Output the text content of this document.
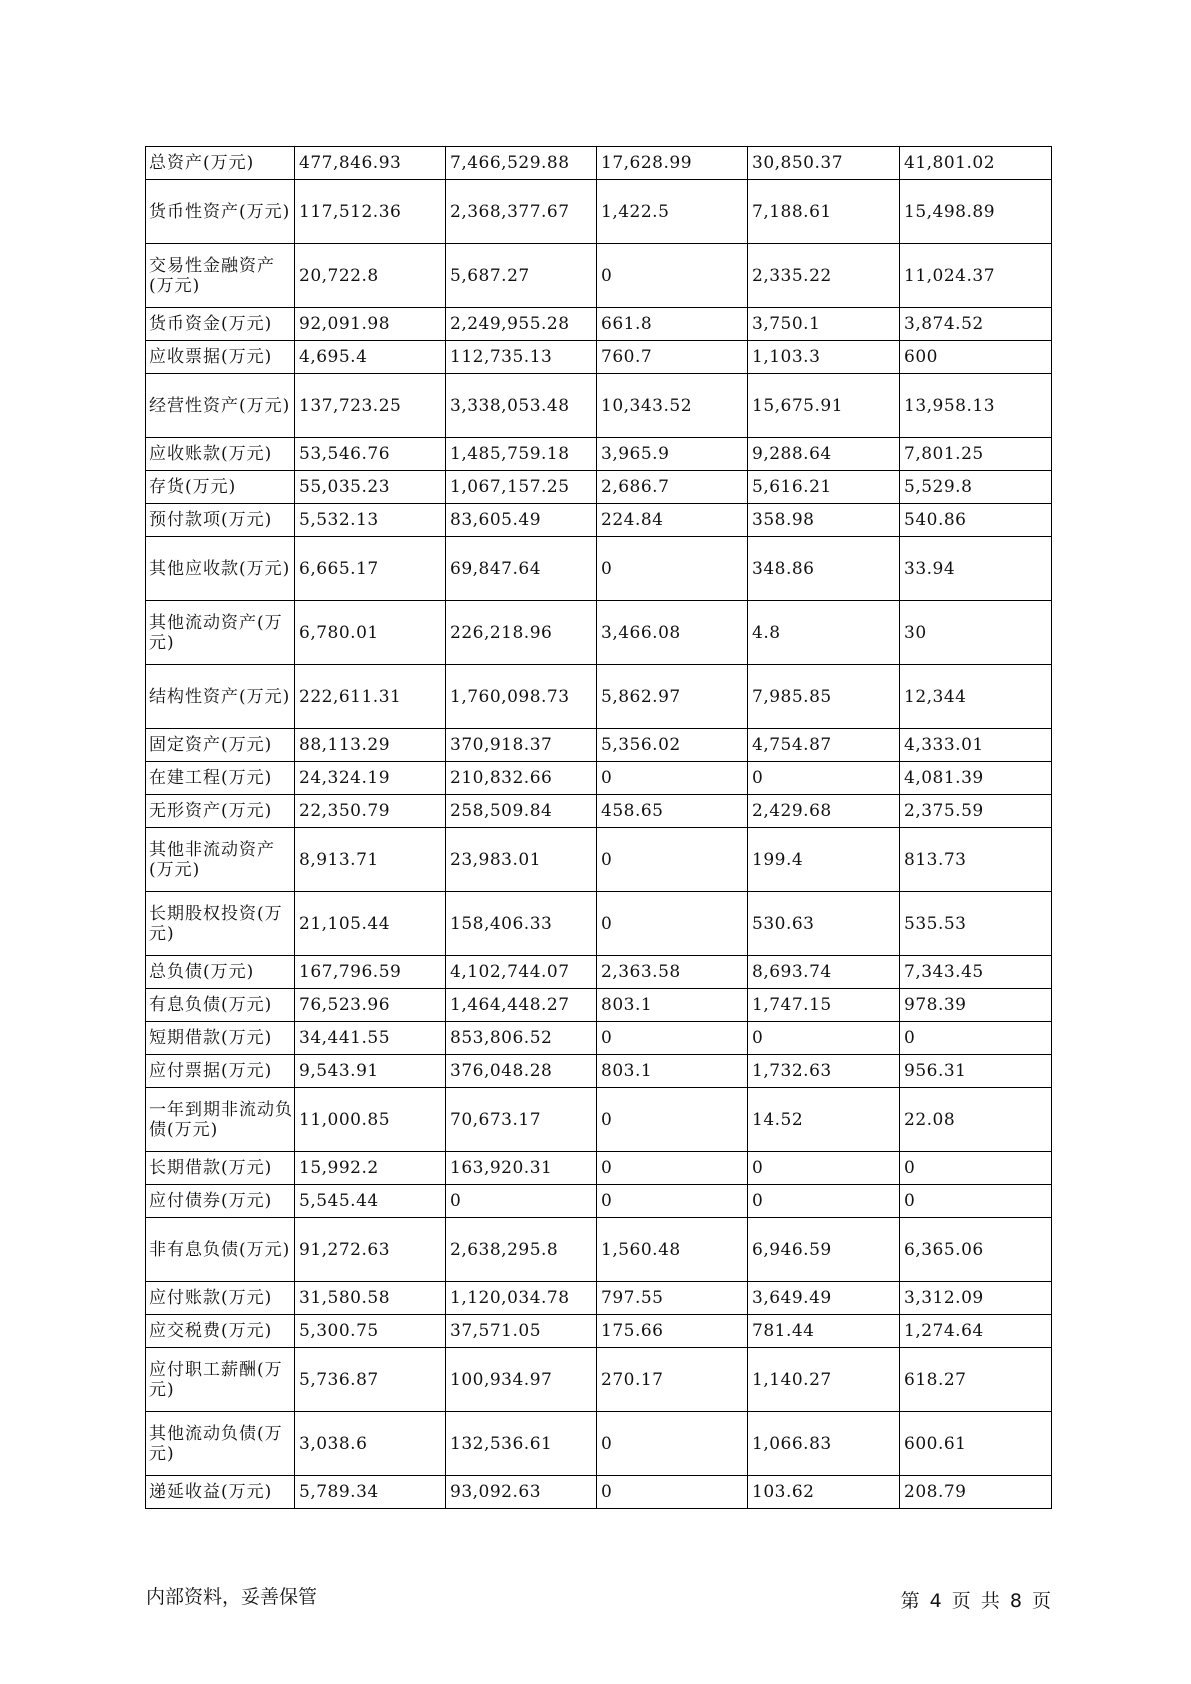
总资产(万元)	477,846.93	7,466,529.88	17,628.99	30,850.37	41,801.02
货币性资产(万元)	117,512.36	2,368,377.67	1,422.5	7,188.61	15,498.89
交易性金融资产(万元)	20,722.8	5,687.27	0	2,335.22	11,024.37
货币资金(万元)	92,091.98	2,249,955.28	661.8	3,750.1	3,874.52
应收票据(万元)	4,695.4	112,735.13	760.7	1,103.3	600
经营性资产(万元)	137,723.25	3,338,053.48	10,343.52	15,675.91	13,958.13
应收账款(万元)	53,546.76	1,485,759.18	3,965.9	9,288.64	7,801.25
存货(万元)	55,035.23	1,067,157.25	2,686.7	5,616.21	5,529.8
预付款项(万元)	5,532.13	83,605.49	224.84	358.98	540.86
其他应收款(万元)	6,665.17	69,847.64	0	348.86	33.94
其他流动资产(万元)	6,780.01	226,218.96	3,466.08	4.8	30
结构性资产(万元)	222,611.31	1,760,098.73	5,862.97	7,985.85	12,344
固定资产(万元)	88,113.29	370,918.37	5,356.02	4,754.87	4,333.01
在建工程(万元)	24,324.19	210,832.66	0	0	4,081.39
无形资产(万元)	22,350.79	258,509.84	458.65	2,429.68	2,375.59
其他非流动资产(万元)	8,913.71	23,983.01	0	199.4	813.73
长期股权投资(万元)	21,105.44	158,406.33	0	530.63	535.53
总负债(万元)	167,796.59	4,102,744.07	2,363.58	8,693.74	7,343.45
有息负债(万元)	76,523.96	1,464,448.27	803.1	1,747.15	978.39
短期借款(万元)	34,441.55	853,806.52	0	0	0
应付票据(万元)	9,543.91	376,048.28	803.1	1,732.63	956.31
一年到期非流动负债(万元)	11,000.85	70,673.17	0	14.52	22.08
长期借款(万元)	15,992.2	163,920.31	0	0	0
应付债券(万元)	5,545.44	0	0	0	0
非有息负债(万元)	91,272.63	2,638,295.8	1,560.48	6,946.59	6,365.06
应付账款(万元)	31,580.58	1,120,034.78	797.55	3,649.49	3,312.09
应交税费(万元)	5,300.75	37,571.05	175.66	781.44	1,274.64
应付职工薪酬(万元)	5,736.87	100,934.97	270.17	1,140.27	618.27
其他流动负债(万元)	3,038.6	132,536.61	0	1,066.83	600.61
递延收益(万元)	5,789.34	93,092.63	0	103.62	208.79
内部资料，妥善保管	第 4 页 共 8 页
